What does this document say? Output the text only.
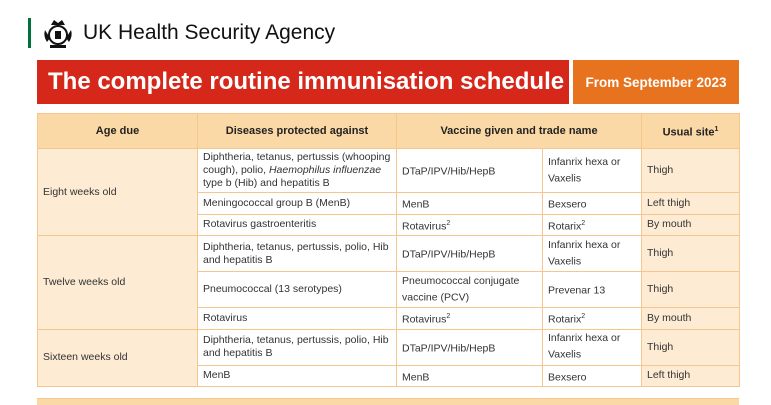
UK Health Security Agency
The complete routine immunisation schedule	From September 2023
Age due	Diseases protected against	Vaccine given and trade name		Usual site$^1$
Eight weeks old	Diphtheria, tetanus, pertussis (whooping cough), polio, Haemophilus influenzae type b (Hib) and hepatitis B	DTaP/IPV/Hib/HepB	Infanrix hexa or Vaxelis	Thigh
	Meningococcal group B (MenB)	MenB	Bexsero	Left thigh
	Rotavirus gastroenteritis	Rotavirus$^2$	Rotarix$^2$	By mouth
Twelve weeks old	Diphtheria, tetanus, pertussis, polio, Hib and hepatitis B	DTaP/IPV/Hib/HepB	Infanrix hexa or Vaxelis	Thigh
	Pneumococcal (13 serotypes)	Pneumococcal conjugate vaccine (PCV)	Prevenar 13	Thigh
	Rotavirus	Rotavirus$^2$	Rotarix$^2$	By mouth
Sixteen weeks old	Diphtheria, tetanus, pertussis, polio, Hib and hepatitis B	DTaP/IPV/Hib/HepB	Infanrix hexa or Vaxelis	Thigh
	MenB	MenB	Bexsero	Left thigh
